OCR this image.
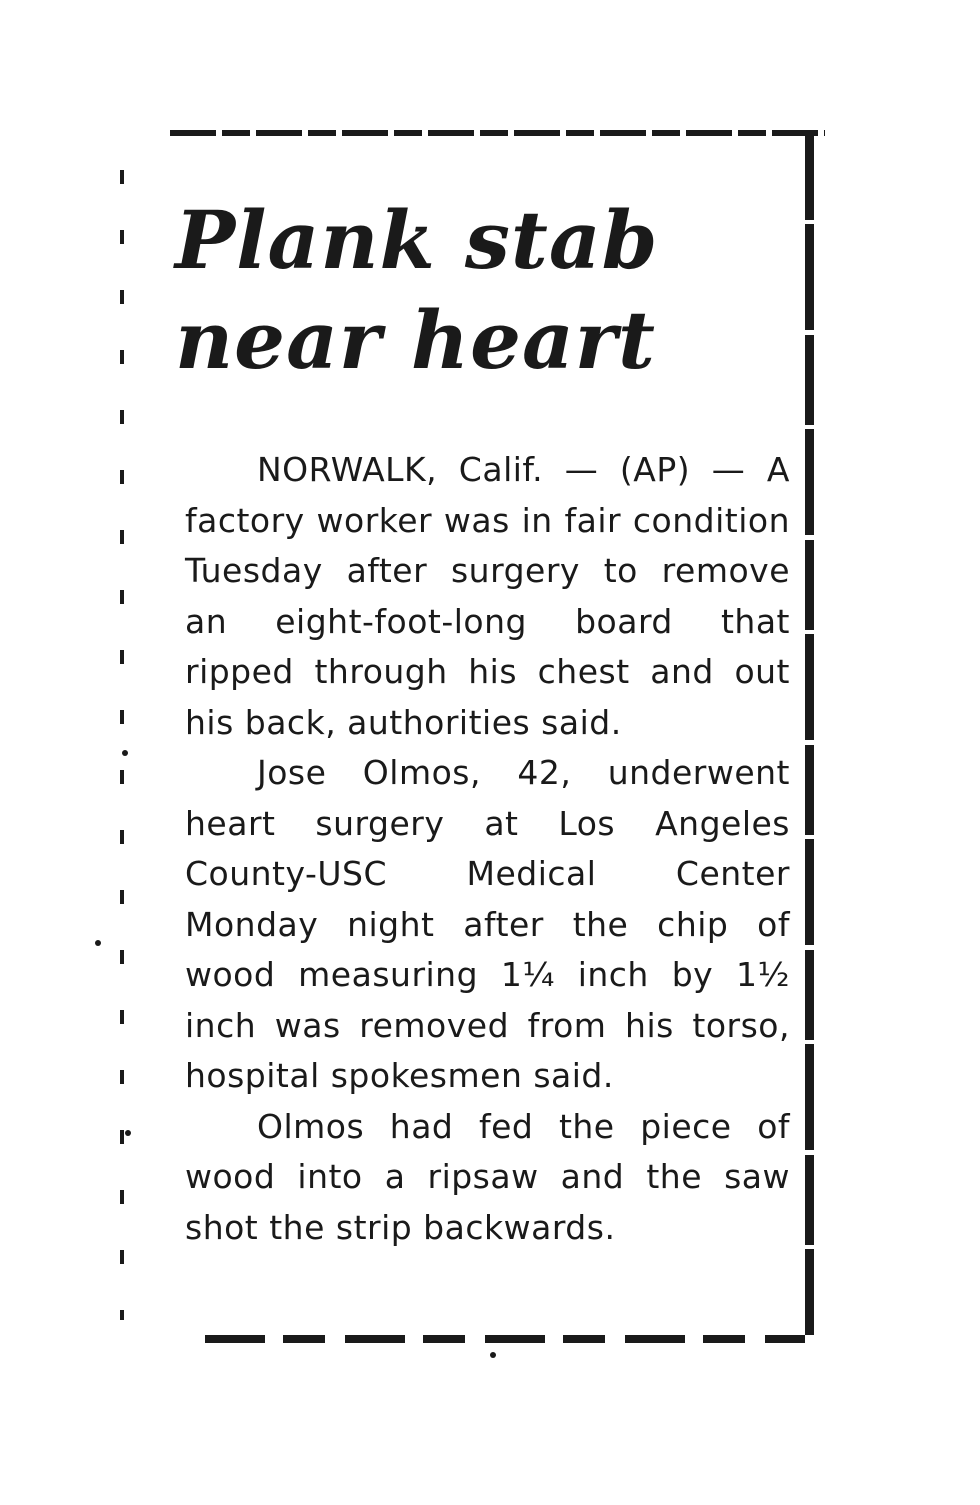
Plank stab
near heart

NORWALK, Calif. — (AP) — A factory worker was in fair condition Tuesday after surgery to remove an eight-foot-long board that ripped through his chest and out his back, authorities said.

Jose Olmos, 42, underwent heart surgery at Los Angeles County-USC Medical Center Monday night after the chip of wood measuring 1¼ inch by 1½ inch was removed from his torso, hospital spokesmen said.

Olmos had fed the piece of wood into a ripsaw and the saw shot the strip backwards.
